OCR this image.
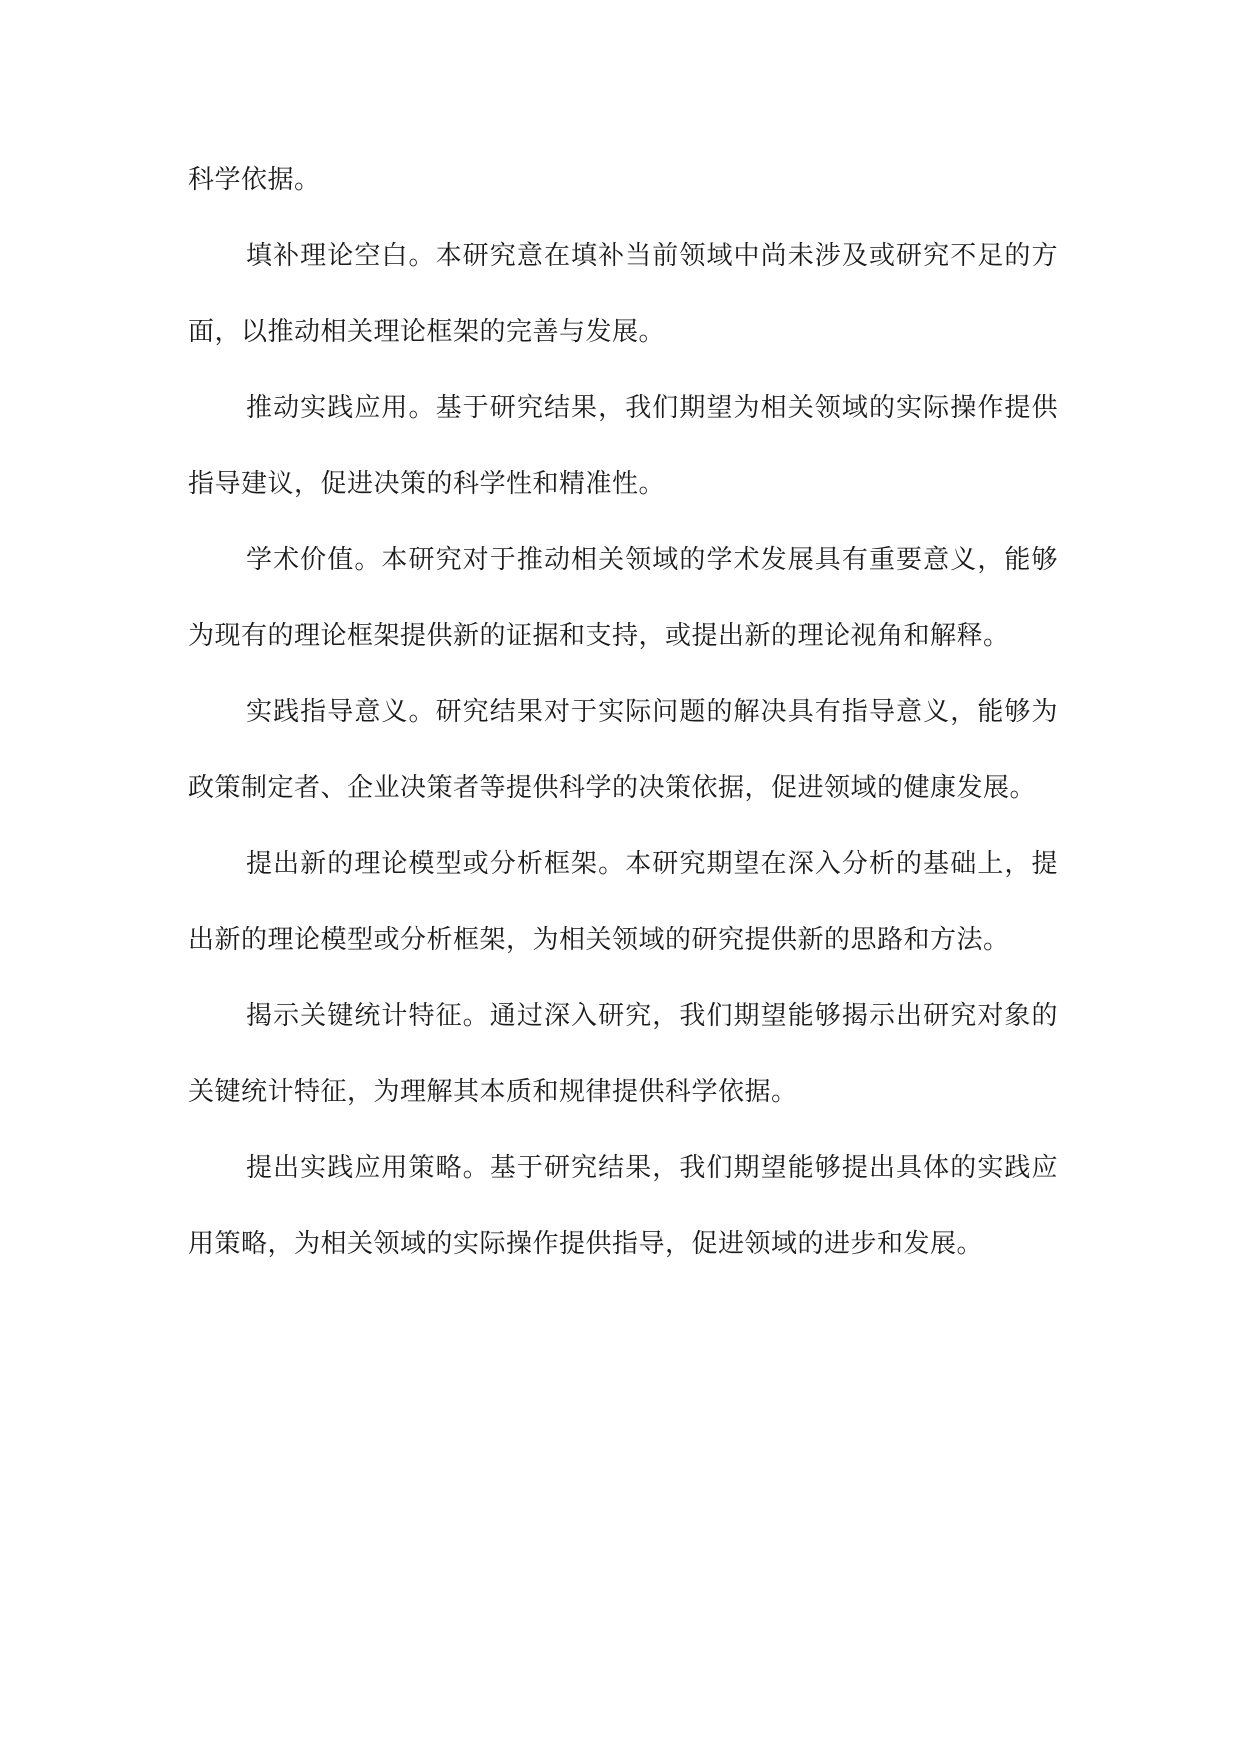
科学依据。

填补理论空白。本研究意在填补当前领域中尚未涉及或研究不足的方面，以推动相关理论框架的完善与发展。

推动实践应用。基于研究结果，我们期望为相关领域的实际操作提供指导建议，促进决策的科学性和精准性。

学术价值。本研究对于推动相关领域的学术发展具有重要意义，能够为现有的理论框架提供新的证据和支持，或提出新的理论视角和解释。

实践指导意义。研究结果对于实际问题的解决具有指导意义，能够为政策制定者、企业决策者等提供科学的决策依据，促进领域的健康发展。

提出新的理论模型或分析框架。本研究期望在深入分析的基础上，提出新的理论模型或分析框架，为相关领域的研究提供新的思路和方法。

揭示关键统计特征。通过深入研究，我们期望能够揭示出研究对象的关键统计特征，为理解其本质和规律提供科学依据。

提出实践应用策略。基于研究结果，我们期望能够提出具体的实践应用策略，为相关领域的实际操作提供指导，促进领域的进步和发展。
